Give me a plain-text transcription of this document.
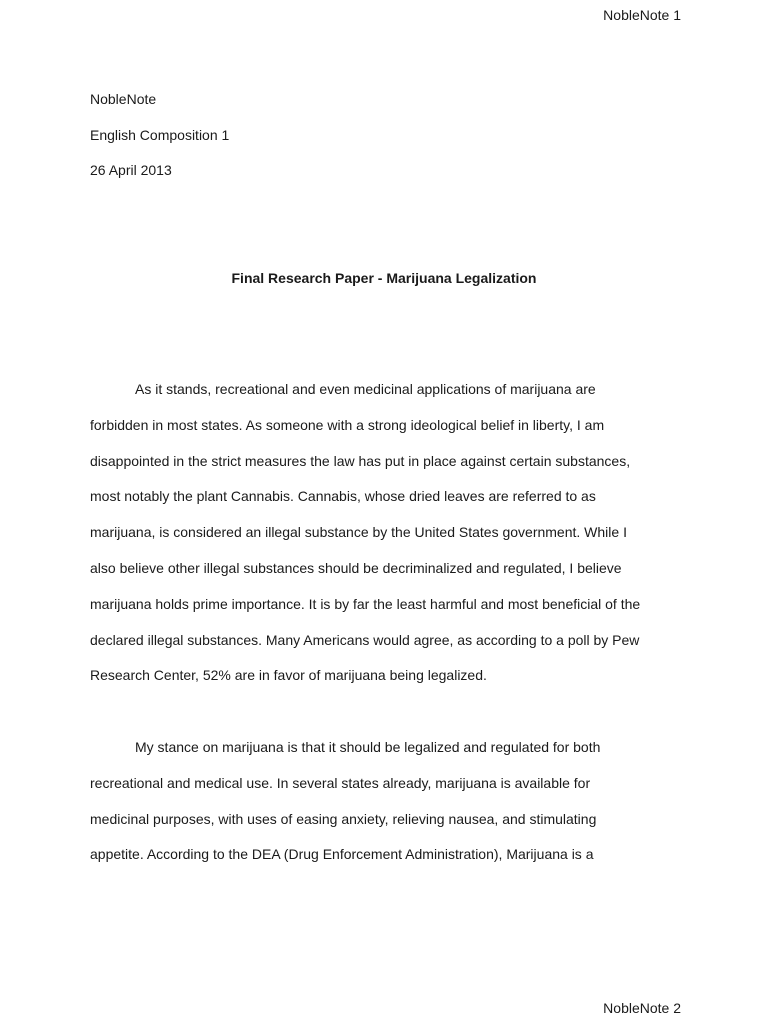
NobleNote 1
NobleNote
English Composition 1
26 April 2013
Final Research Paper - Marijuana Legalization
As it stands, recreational and even medicinal applications of marijuana are
forbidden in most states. As someone with a strong ideological belief in liberty, I am
disappointed in the strict measures the law has put in place against certain substances,
most notably the plant Cannabis. Cannabis, whose dried leaves are referred to as
marijuana, is considered an illegal substance by the United States government. While I
also believe other illegal substances should be decriminalized and regulated, I believe
marijuana holds prime importance. It is by far the least harmful and most beneficial of the
declared illegal substances. Many Americans would agree, as according to a poll by Pew
Research Center, 52% are in favor of marijuana being legalized.
My stance on marijuana is that it should be legalized and regulated for both
recreational and medical use. In several states already, marijuana is available for
medicinal purposes, with uses of easing anxiety, relieving nausea, and stimulating
appetite. According to the DEA (Drug Enforcement Administration), Marijuana is a
NobleNote 2
